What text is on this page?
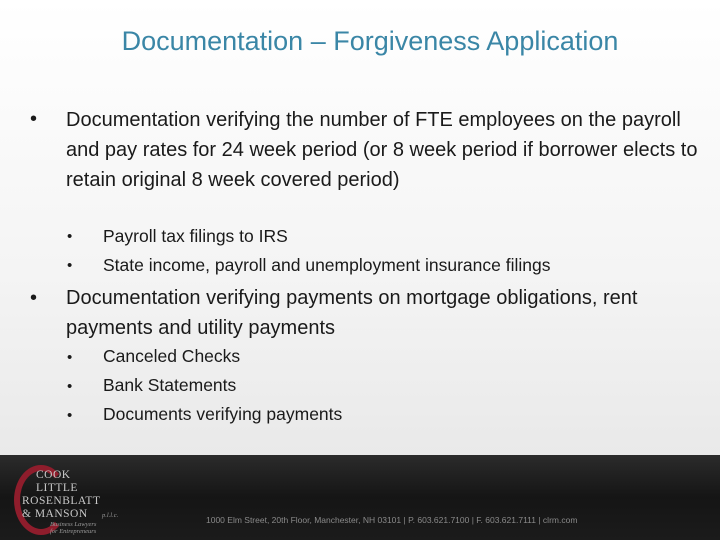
Documentation – Forgiveness Application
• Documentation verifying the number of FTE employees on the payroll and pay rates for 24 week period (or 8 week period if borrower elects to retain original 8 week covered period)
• Payroll tax filings to IRS
• State income, payroll and unemployment insurance filings
• Documentation verifying payments on mortgage obligations, rent payments and utility payments
• Canceled Checks
• Bank Statements
• Documents verifying payments
COOK
LITTLE
ROSENBLATT
& MANSON p.l.l.c.
Business Lawyers
for Entrepreneurs
1000 Elm Street, 20th Floor, Manchester, NH 03101 | P. 603.621.7100 | F. 603.621.7111 | clrm.com
